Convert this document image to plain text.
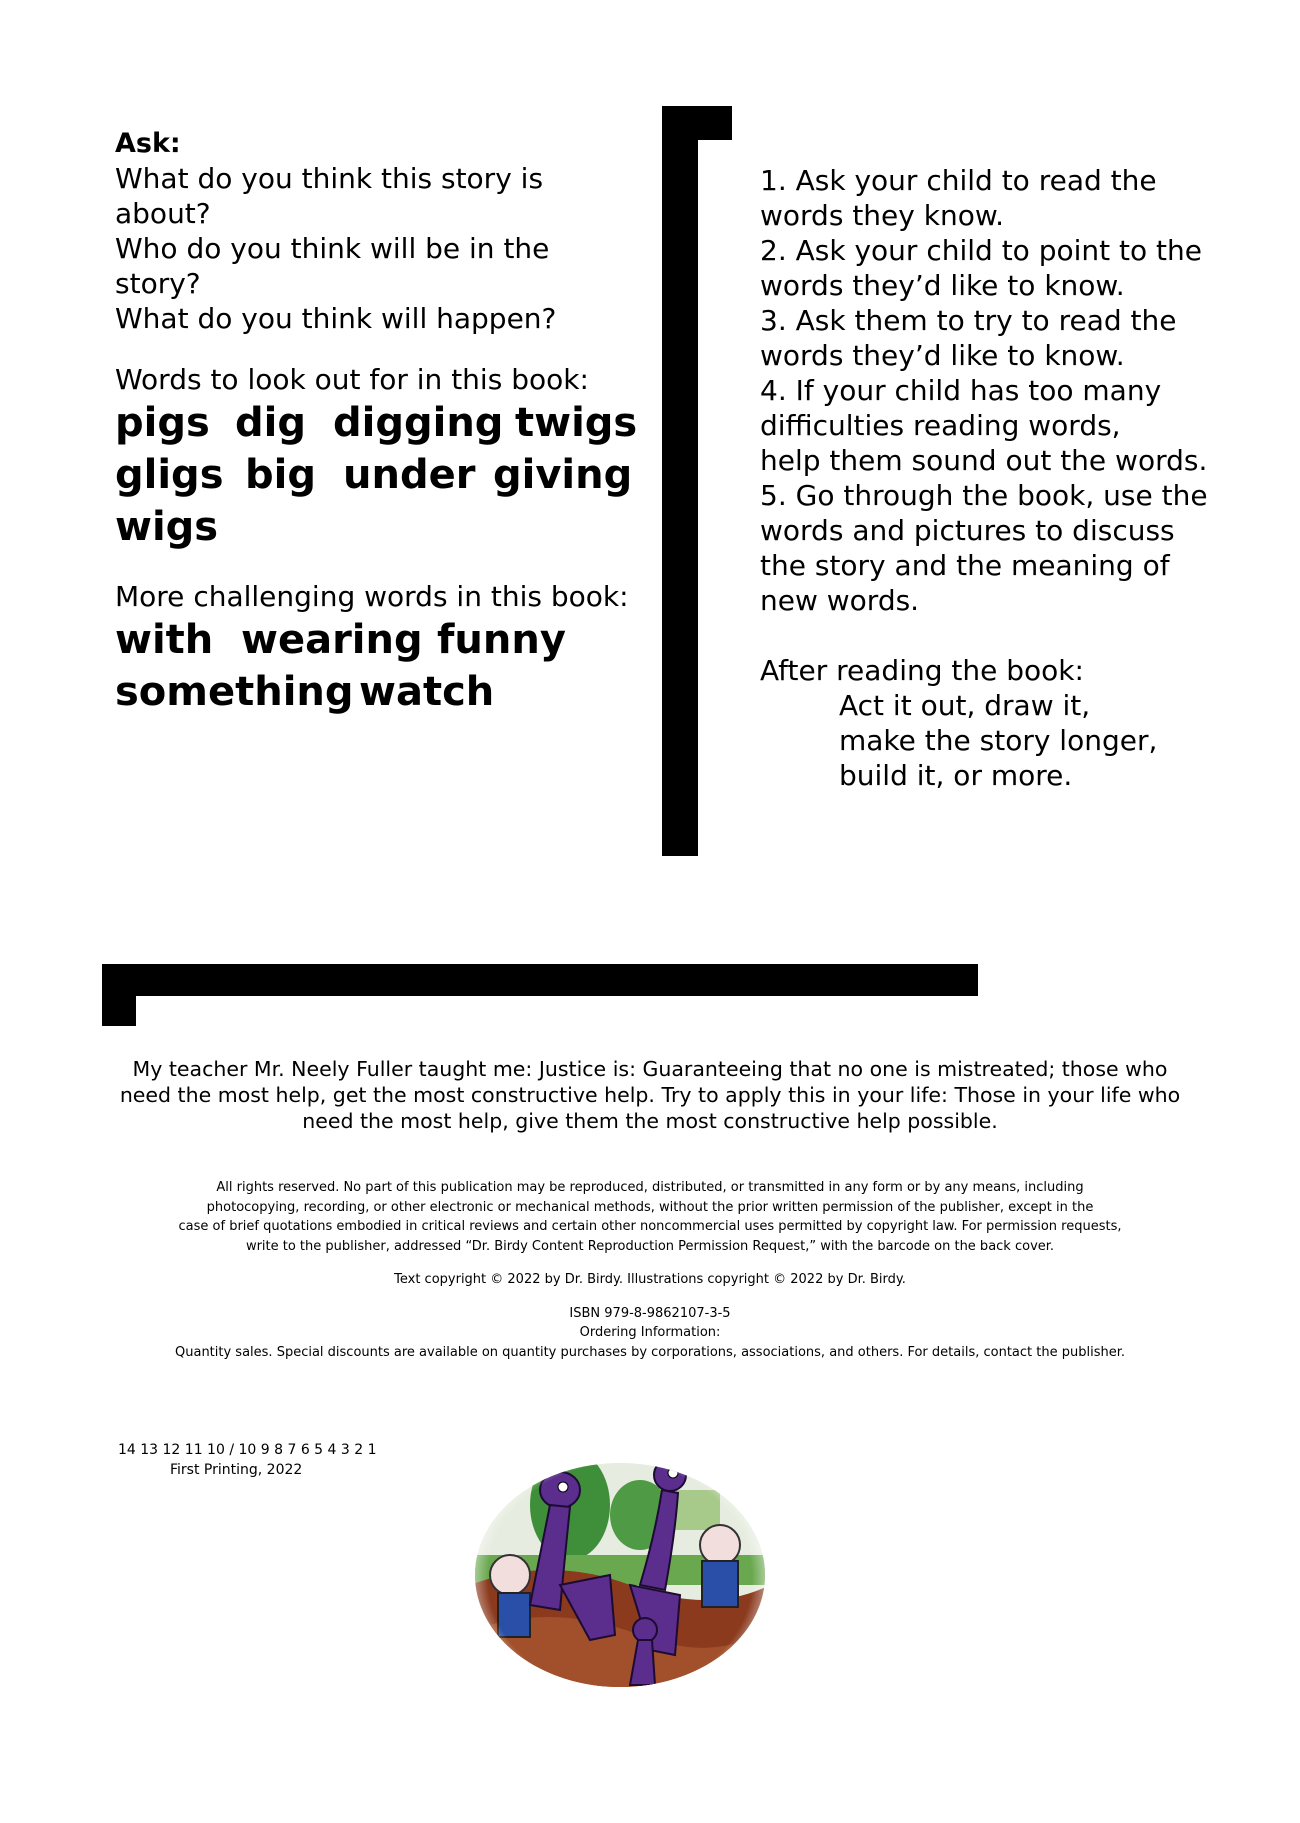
Ask:
What do you think this story is
about?
Who do you think will be in the
story?
What do you think will happen?
Words to look out for in this book:
pigs dig digging twigs
gligs big under giving
wigs
More challenging words in this book:
with wearing funny
something watch
1. Ask your child to read the
words they know.
2. Ask your child to point to the
words they’d like to know.
3. Ask them to try to read the
words they’d like to know.
4. If your child has too many
difficulties reading words,
help them sound out the words.
5. Go through the book, use the
words and pictures to discuss
the story and the meaning of
new words.
After reading the book:
Act it out, draw it,
make the story longer,
build it, or more.
My teacher Mr. Neely Fuller taught me: Justice is: Guaranteeing that no one is mistreated; those who
need the most help, get the most constructive help. Try to apply this in your life: Those in your life who
need the most help, give them the most constructive help possible.
All rights reserved. No part of this publication may be reproduced, distributed, or transmitted in any form or by any means, including
photocopying, recording, or other electronic or mechanical methods, without the prior written permission of the publisher, except in the
case of brief quotations embodied in critical reviews and certain other noncommercial uses permitted by copyright law. For permission requests,
write to the publisher, addressed “Dr. Birdy Content Reproduction Permission Request,” with the barcode on the back cover.
Text copyright © 2022 by Dr. Birdy. Illustrations copyright © 2022 by Dr. Birdy.
ISBN 979-8-9862107-3-5
Ordering Information:
Quantity sales. Special discounts are available on quantity purchases by corporations, associations, and others. For details, contact the publisher.
14 13 12 11 10 / 10 9 8 7 6 5 4 3 2 1
First Printing, 2022
